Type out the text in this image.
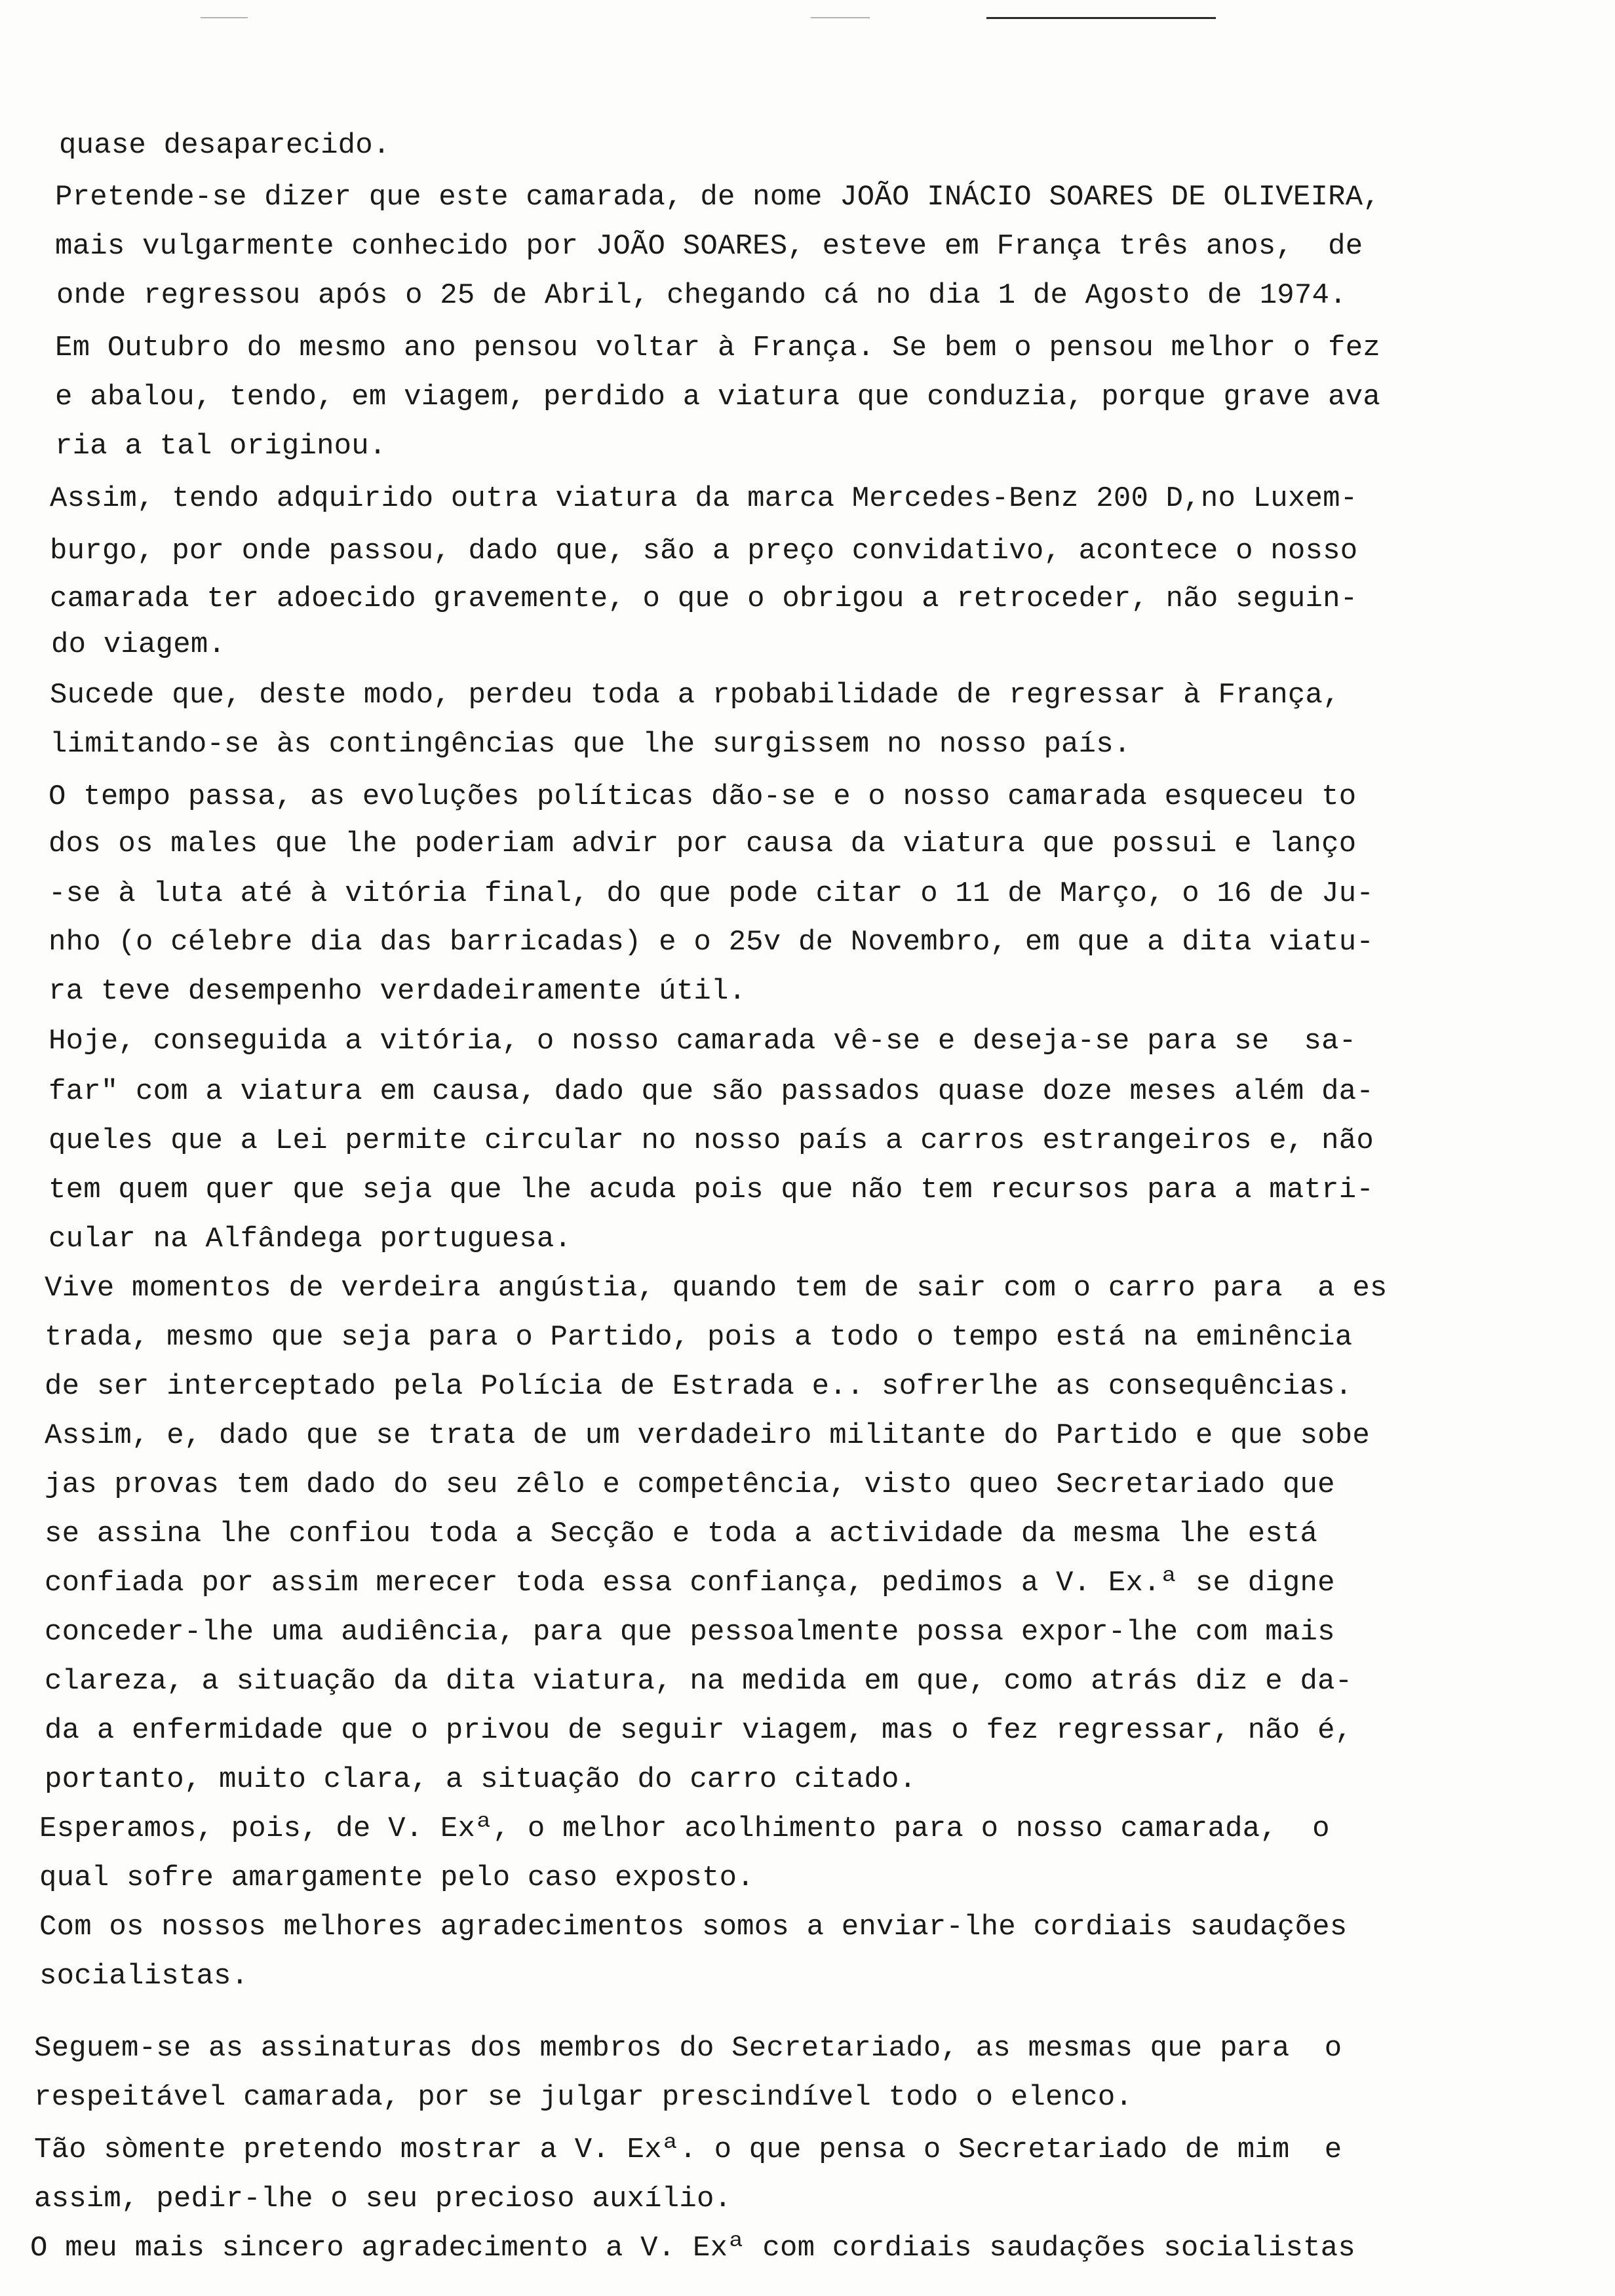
quase desaparecido.

Pretende-se dizer que este camarada, de nome JOÃO INÁCIO SOARES DE OLIVEIRA,

mais vulgarmente conhecido por JOÃO SOARES, esteve em França três anos,  de

onde regressou após o 25 de Abril, chegando cá no dia 1 de Agosto de 1974.

Em Outubro do mesmo ano pensou voltar à França. Se bem o pensou melhor o fez

e abalou, tendo, em viagem, perdido a viatura que conduzia, porque grave ava

ria a tal originou.

Assim, tendo adquirido outra viatura da marca Mercedes-Benz 200 D,no Luxem-

burgo, por onde passou, dado que, são a preço convidativo, acontece o nosso

camarada ter adoecido gravemente, o que o obrigou a retroceder, não seguin-

do viagem.

Sucede que, deste modo, perdeu toda a rpobabilidade de regressar à França,

limitando-se às contingências que lhe surgissem no nosso país.

O tempo passa, as evoluções políticas dão-se e o nosso camarada esqueceu to

dos os males que lhe poderiam advir por causa da viatura que possui e lanço

-se à luta até à vitória final, do que pode citar o 11 de Março, o 16 de Ju-

nho (o célebre dia das barricadas) e o 25v de Novembro, em que a dita viatu-

ra teve desempenho verdadeiramente útil.

Hoje, conseguida a vitória, o nosso camarada vê-se e deseja-se para se  sa-

far" com a viatura em causa, dado que são passados quase doze meses além da-

queles que a Lei permite circular no nosso país a carros estrangeiros e, não

tem quem quer que seja que lhe acuda pois que não tem recursos para a matri-

cular na Alfândega portuguesa.

Vive momentos de verdeira angústia, quando tem de sair com o carro para  a es

trada, mesmo que seja para o Partido, pois a todo o tempo está na eminência

de ser interceptado pela Polícia de Estrada e.. sofrerlhe as consequências.

Assim, e, dado que se trata de um verdadeiro militante do Partido e que sobe

jas provas tem dado do seu zêlo e competência, visto queo Secretariado que

se assina lhe confiou toda a Secção e toda a actividade da mesma lhe está

confiada por assim merecer toda essa confiança, pedimos a V. Ex.ª se digne

conceder-lhe uma audiência, para que pessoalmente possa expor-lhe com mais

clareza, a situação da dita viatura, na medida em que, como atrás diz e da-

da a enfermidade que o privou de seguir viagem, mas o fez regressar, não é,

portanto, muito clara, a situação do carro citado.

Esperamos, pois, de V. Exª, o melhor acolhimento para o nosso camarada,  o

qual sofre amargamente pelo caso exposto.

Com os nossos melhores agradecimentos somos a enviar-lhe cordiais saudações

socialistas.

Seguem-se as assinaturas dos membros do Secretariado, as mesmas que para  o

respeitável camarada, por se julgar prescindível todo o elenco.

Tão sòmente pretendo mostrar a V. Exª. o que pensa o Secretariado de mim  e

assim, pedir-lhe o seu precioso auxílio.

O meu mais sincero agradecimento a V. Exª com cordiais saudações socialistas
